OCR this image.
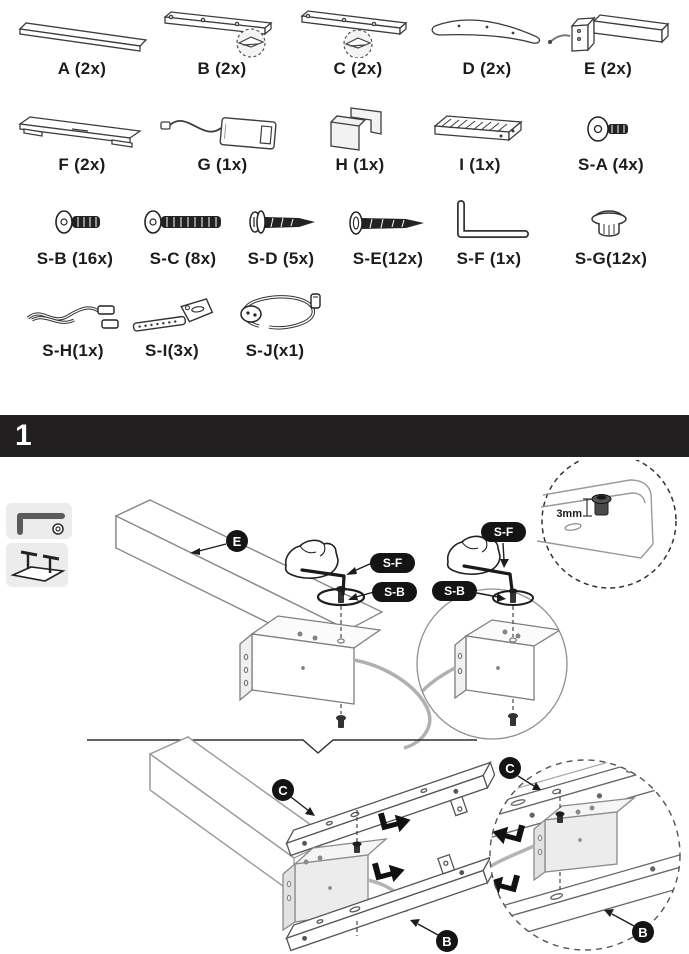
A (2x)	B (2x)	C (2x)	D (2x)	E (2x)
F (2x)	G (1x)	H (1x)	I (1x)	S-A (4x)
S-B (16x)	S-C (8x)	S-D (5x)	S-E(12x)	S-F (1x)	S-G(12x)
S-H(1x)	S-I(3x)	S-J(x1)
1
E
S-F
S-B
3mm
S-F
S-B
C
B
C
B
